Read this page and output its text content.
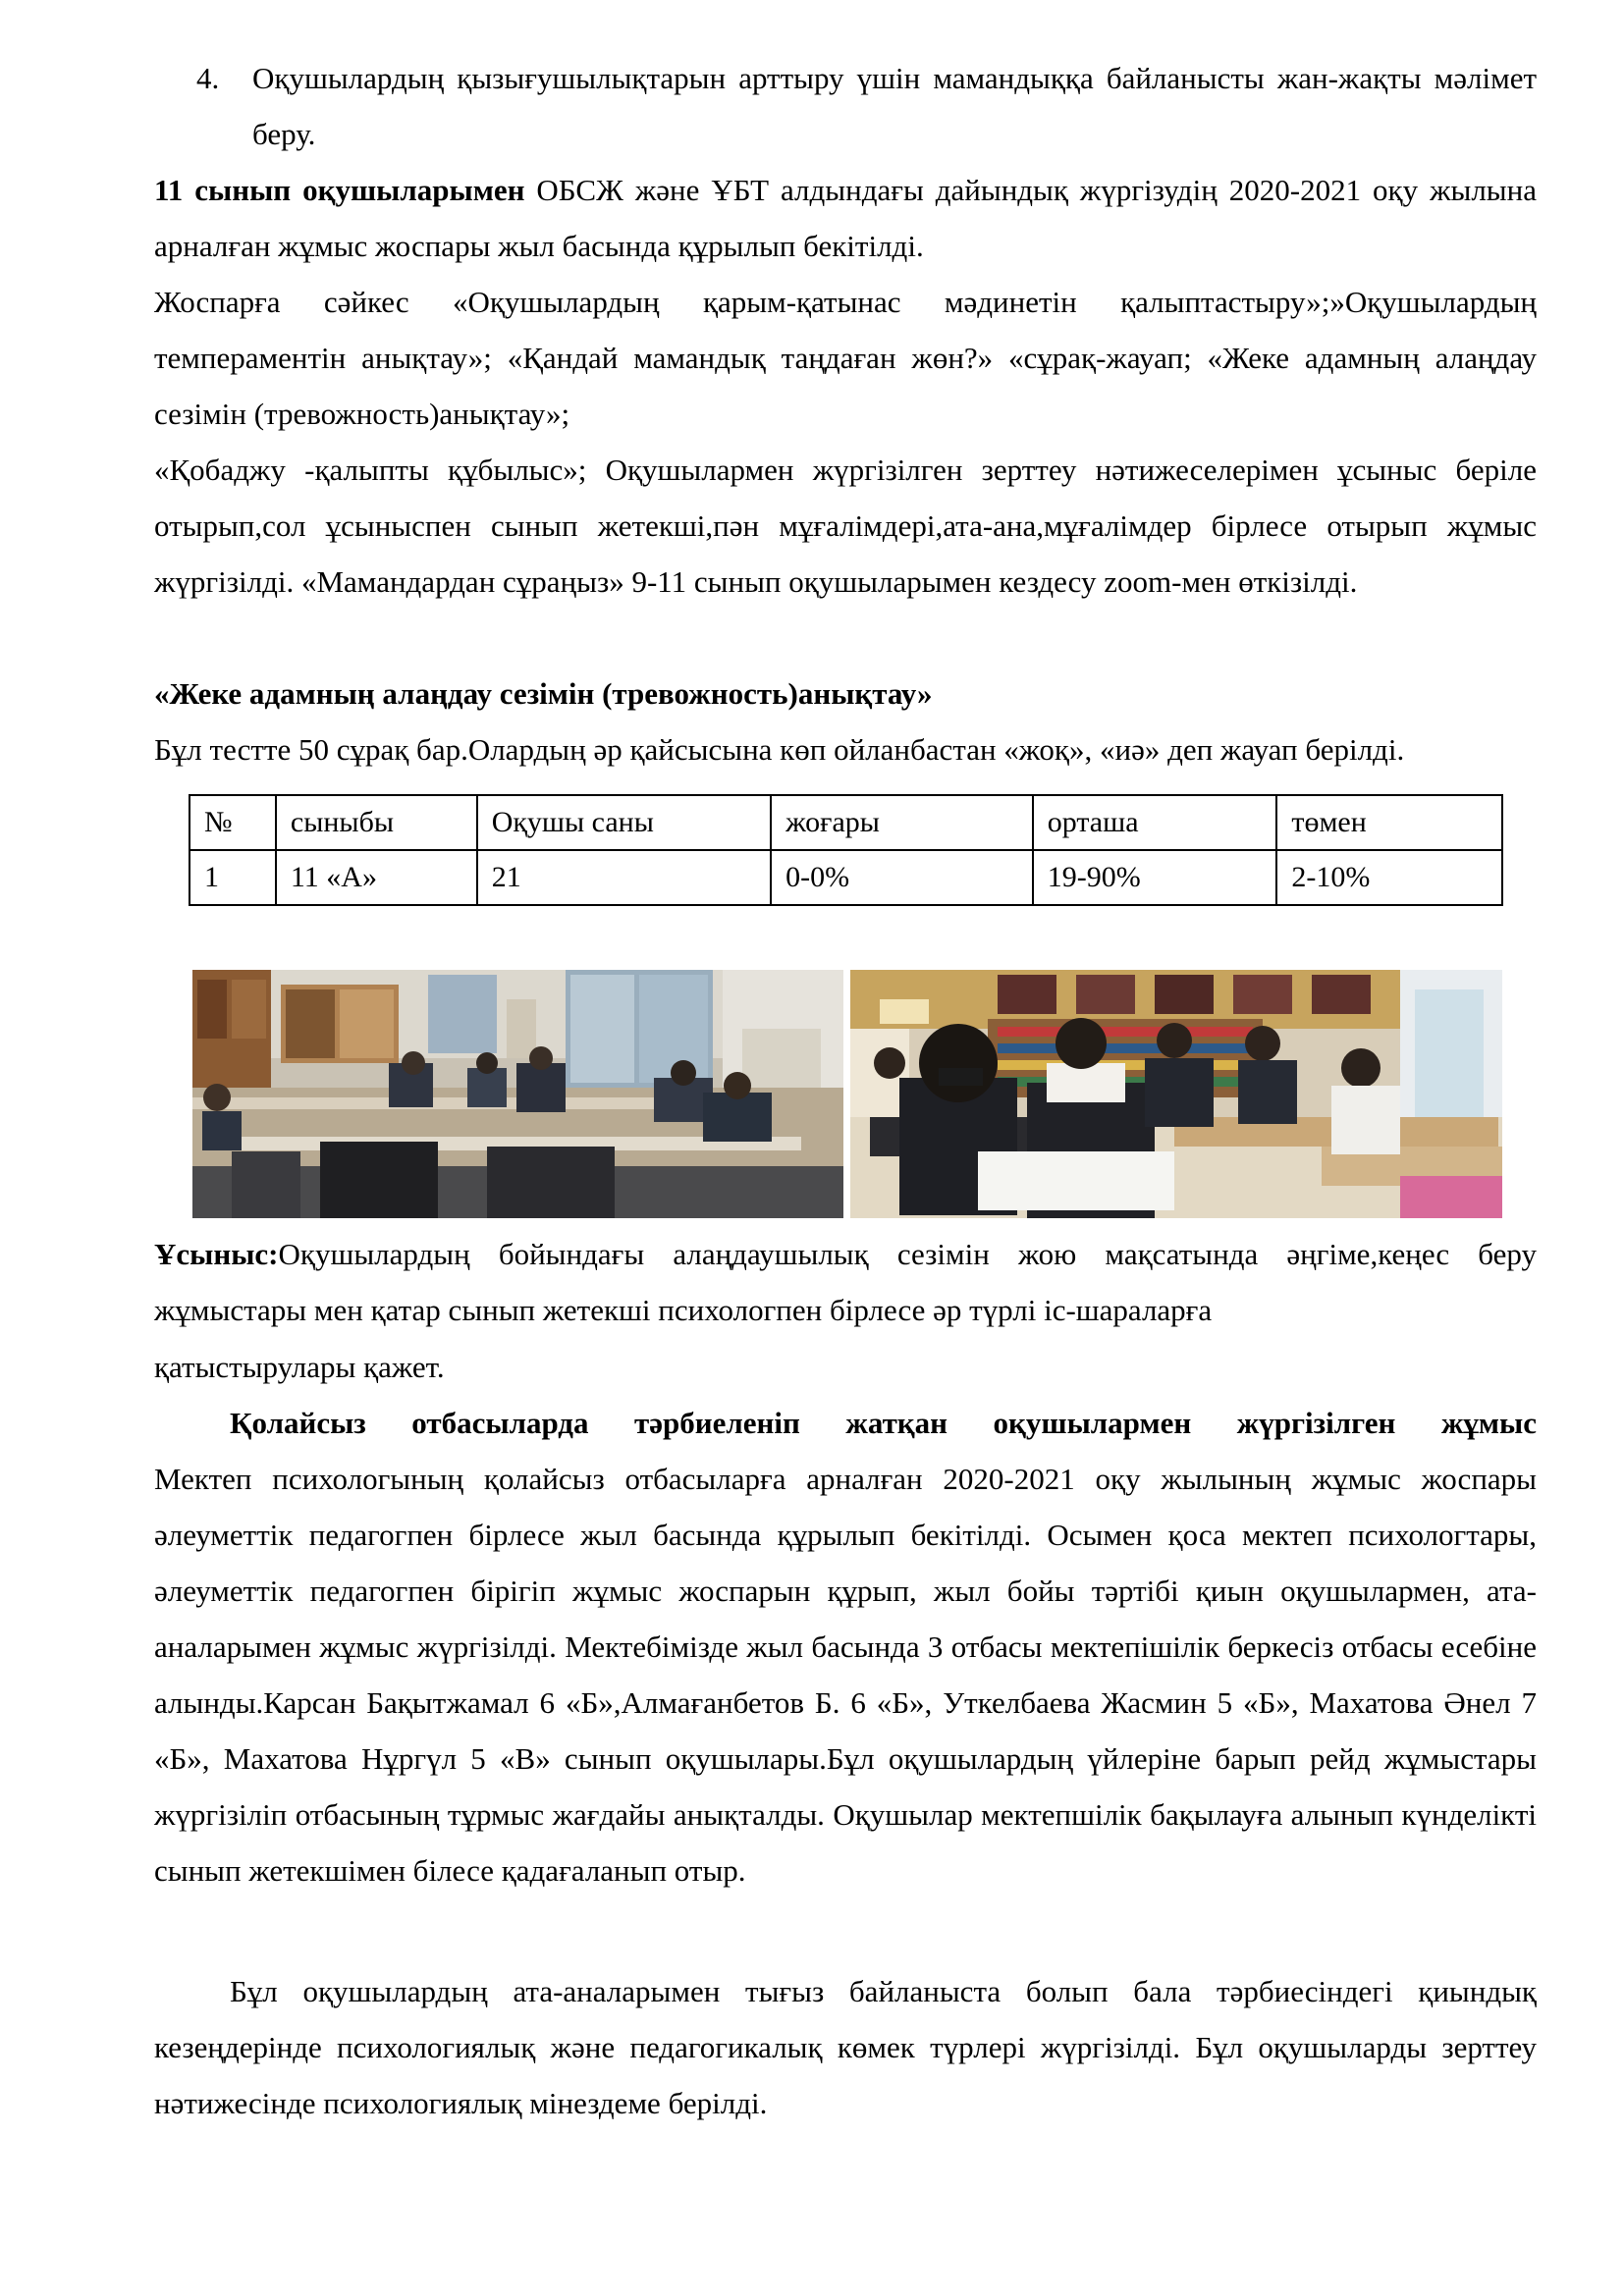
4. Оқушылардың қызығушылықтарын арттыру үшін мамандыққа байланысты жан-жақты мәлімет беру.

11 сынып оқушыларымен ОБСЖ және ҰБТ алдындағы дайындық жүргізудің 2020-2021 оқу жылына арналған жұмыс жоспары жыл басында құрылып бекітілді.

Жоспарға сәйкес «Оқушылардың қарым-қатынас мәдинетін қалыптастыру»;»Оқушылардың темпераментін анықтау»; «Қандай мамандық таңдаған жөн?» «сұрақ-жауап; «Жеке адамның алаңдау сезімін (тревожность)анықтау»;

«Қобаджу -қалыпты құбылыс»; Оқушылармен жүргізілген зерттеу нәтижеселерімен ұсыныс беріле отырып,сол ұсыныспен сынып жетекші,пән мұғалімдері,ата-ана,мұғалімдер бірлесе отырып жұмыс жүргізілді. «Мамандардан сұраңыз» 9-11 сынып оқушыларымен кездесу zoom-мен өткізілді.

«Жеке адамның алаңдау сезімін (тревожность)анықтау»

Бұл тестте 50 сұрақ бар.Олардың әр қайсысына көп ойланбастан «жоқ», «иә» деп жауап берілді.

№	сыныбы	Оқушы саны	жоғары	орташа	төмен
1	11 «А»	21	0-0%	19-90%	2-10%

Ұсыныс:Оқушылардың бойындағы алаңдаушылық сезімін жою мақсатында әңгіме,кеңес беру жұмыстары мен қатар сынып жетекші психологпен бірлесе әр түрлі іс-шараларға

қатыстырулары қажет.

Қолайсыз отбасыларда тәрбиеленіп жатқан оқушылармен жүргізілген жұмыс

Мектеп психологының қолайсыз отбасыларға арналған 2020-2021 оқу жылының жұмыс жоспары әлеуметтік педагогпен бірлесе жыл басында құрылып бекітілді. Осымен қоса мектеп психологтары, әлеуметтік педагогпен бірігіп жұмыс жоспарын құрып, жыл бойы тәртібі қиын оқушылармен, ата-аналарымен жұмыс жүргізілді. Мектебімізде жыл басында 3 отбасы мектепішілік беркесіз отбасы есебіне алынды.Карсан Бақытжамал 6 «Б»,Алмағанбетов Б. 6 «Б», Уткелбаева Жасмин 5 «Б», Махатова Әнел 7 «Б», Махатова Нұргүл 5 «В» сынып оқушылары.Бұл оқушылардың үйлеріне барып рейд жұмыстары жүргізіліп отбасының тұрмыс жағдайы анықталды. Оқушылар мектепшілік бақылауға алынып күнделікті сынып жетекшімен білесе қадағаланып отыр.

Бұл оқушылардың ата-аналарымен тығыз байланыста болып бала тәрбиесіндегі қиындық кезеңдерінде психологиялық және педагогикалық көмек түрлері жүргізілді. Бұл оқушыларды зерттеу нәтижесінде психологиялық мінездеме берілді.
